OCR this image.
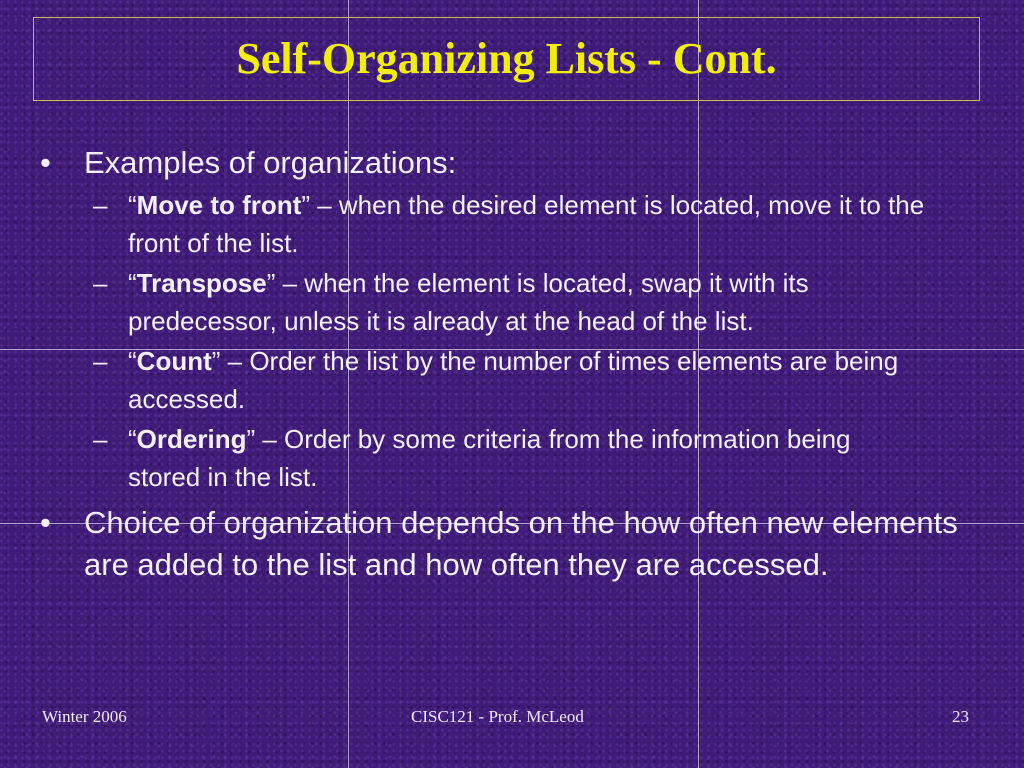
Self-Organizing Lists - Cont.
•	Examples of organizations:
– “Move to front” – when the desired element is located, move it to the front of the list.
– “Transpose” – when the element is located, swap it with its predecessor, unless it is already at the head of the list.
– “Count” – Order the list by the number of times elements are being accessed.
– “Ordering” – Order by some criteria from the information being stored in the list.
•	Choice of organization depends on the how often new elements are added to the list and how often they are accessed.
Winter 2006	CISC121 - Prof. McLeod	23
